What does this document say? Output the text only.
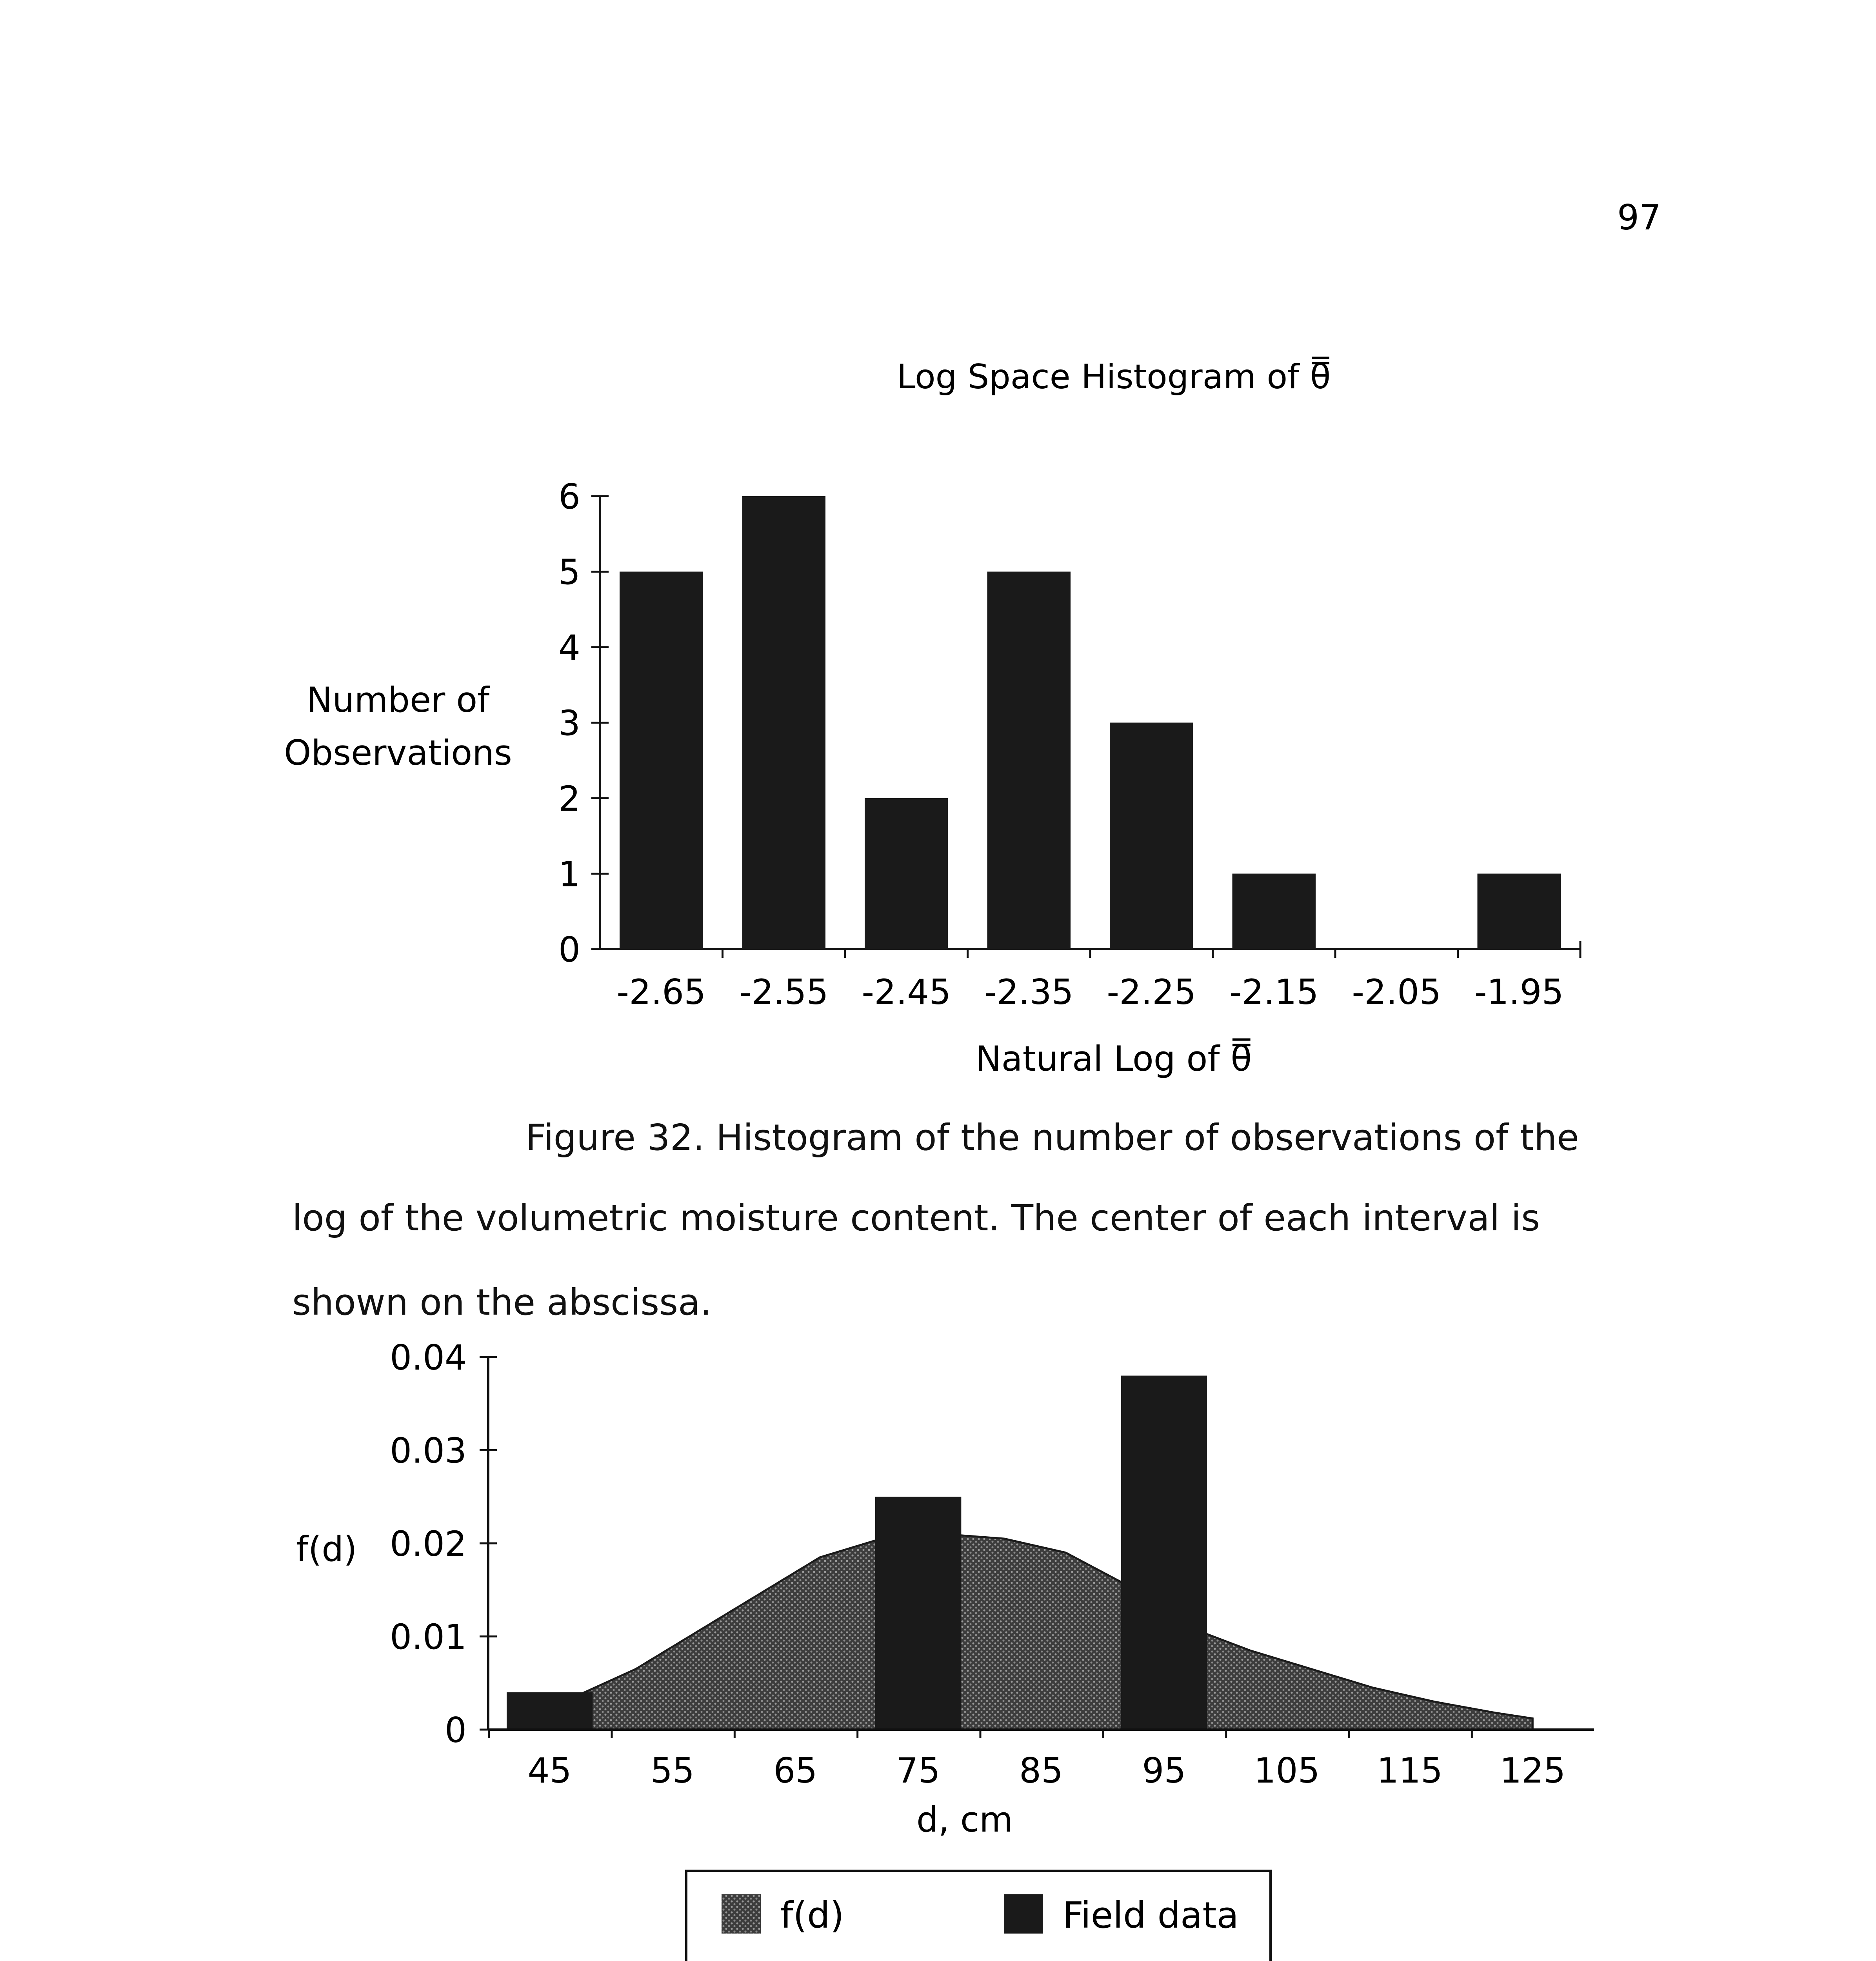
97
Log Space Histogram of θ̿
0
1
2
3
4
5
6
-2.65 -2.55 -2.45 -2.35 -2.25 -2.15 -2.05 -1.95
Natural Log of θ̿
Number of
Observations
0
0.01
0.02
0.03
0.04
45 55 65 75 85 95 105 115 125
d, cm
f(d)
f(d)	Field data
Figure 32. Histogram of the number of observations of the
log of the volumetric moisture content. The center of each interval is
shown on the abscissa.
